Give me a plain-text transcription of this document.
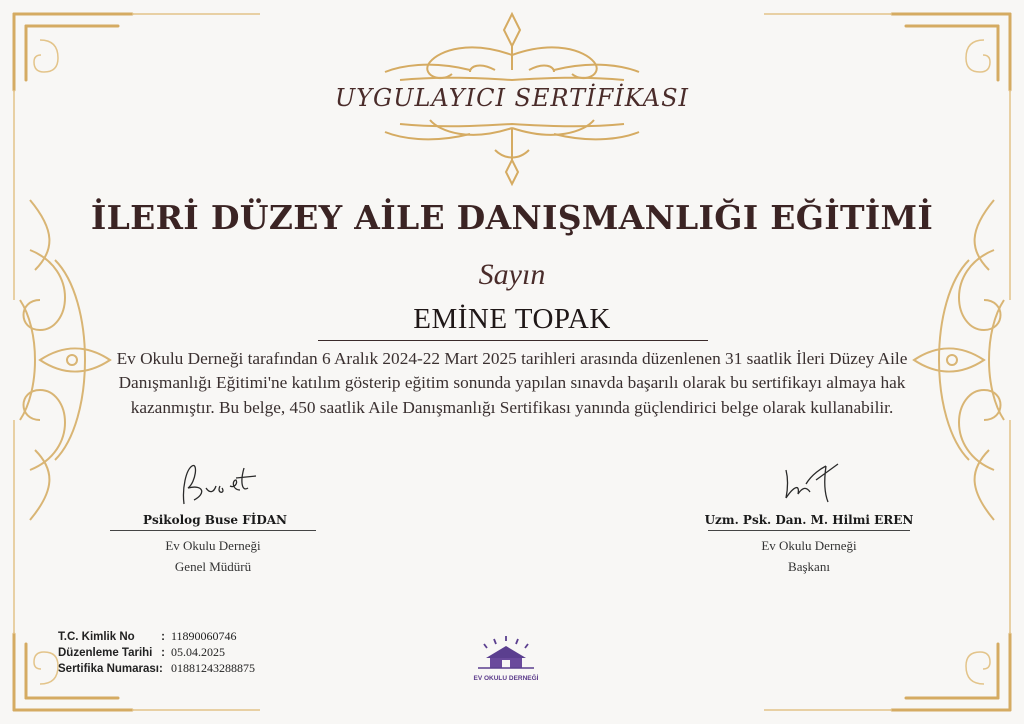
UYGULAYICI SERTİFİKASI
İLERİ DÜZEY AİLE DANIŞMANLIĞI EĞİTİMİ
Sayın
EMİNE TOPAK
Ev Okulu Derneği tarafından 6 Aralık 2024-22 Mart 2025 tarihleri arasında düzenlenen 31 saatlik İleri Düzey Aile Danışmanlığı Eğitimi'ne katılım gösterip eğitim sonunda yapılan sınavda başarılı olarak bu sertifikayı almaya hak kazanmıştır. Bu belge, 450 saatlik Aile Danışmanlığı Sertifikası yanında güçlendirici belge olarak kullanabilir.
Psikolog Buse FİDAN
Ev Okulu Derneği
Genel Müdürü
Uzm. Psk. Dan. M. Hilmi EREN
Ev Okulu Derneği
Başkanı
T.C. Kimlik No : 11890060746
Düzenleme Tarihi : 05.04.2025
Sertifika Numarası: 01881243288875
EV OKULU DERNEĞİ
